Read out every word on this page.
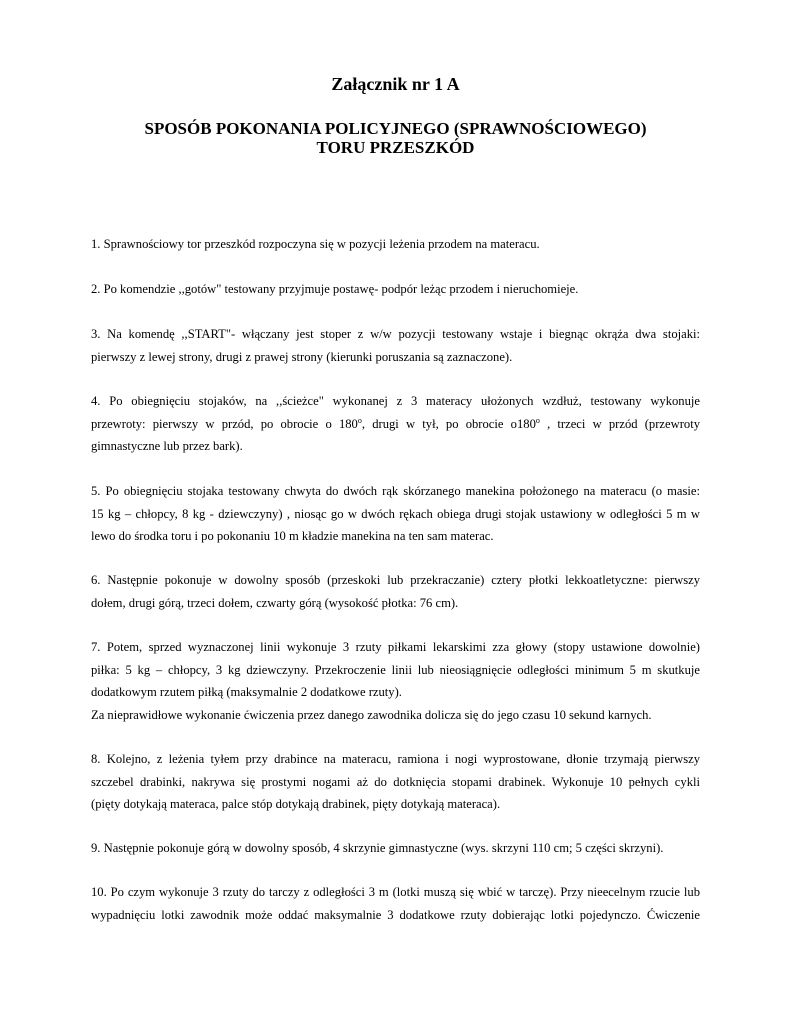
Załącznik nr 1 A
SPOSÓB POKONANIA POLICYJNEGO (SPRAWNOŚCIOWEGO)
TORU PRZESZKÓD
1. Sprawnościowy tor przeszkód rozpoczyna się w pozycji leżenia przodem na materacu.
2. Po komendzie ,,gotów" testowany przyjmuje postawę- podpór leżąc przodem i nieruchomieje.
3. Na komendę ,,START"- włączany jest stoper z w/w pozycji testowany wstaje i biegnąc okrąża dwa stojaki:
pierwszy z lewej strony, drugi z prawej strony (kierunki poruszania są zaznaczone).
4. Po obiegnięciu stojaków, na ,,ścieżce" wykonanej z 3 materacy ułożonych wzdłuż, testowany wykonuje
przewroty: pierwszy w przód, po obrocie o 180$^o$, drugi w tył, po obrocie o180$^o$ , trzeci w przód (przewroty
gimnastyczne lub przez bark).
5. Po obiegnięciu stojaka testowany chwyta do dwóch rąk skórzanego manekina położonego na materacu (o masie:
15 kg – chłopcy, 8 kg - dziewczyny) , niosąc go w dwóch rękach obiega drugi stojak ustawiony w odległości 5 m w
lewo do środka toru i po pokonaniu 10 m kładzie manekina na ten sam materac.
6. Następnie pokonuje w dowolny sposób (przeskoki lub przekraczanie) cztery płotki lekkoatletyczne: pierwszy
dołem, drugi górą, trzeci dołem, czwarty górą (wysokość płotka: 76 cm).
7. Potem, sprzed wyznaczonej linii wykonuje 3 rzuty piłkami lekarskimi zza głowy (stopy ustawione dowolnie)
piłka: 5 kg – chłopcy, 3 kg dziewczyny. Przekroczenie linii lub nieosiągnięcie odległości minimum 5 m skutkuje
dodatkowym rzutem piłką (maksymalnie 2 dodatkowe rzuty).
Za nieprawidłowe wykonanie ćwiczenia przez danego zawodnika dolicza się do jego czasu 10 sekund karnych.
8. Kolejno, z leżenia tyłem przy drabince na materacu, ramiona i nogi wyprostowane, dłonie trzymają pierwszy
szczebel drabinki, nakrywa się prostymi nogami aż do dotknięcia stopami drabinek. Wykonuje 10 pełnych cykli
(pięty dotykają materaca, palce stóp dotykają drabinek, pięty dotykają materaca).
9. Następnie pokonuje górą w dowolny sposób, 4 skrzynie gimnastyczne (wys. skrzyni 110 cm; 5 części skrzyni).
10. Po czym wykonuje 3 rzuty do tarczy z odległości 3 m (lotki muszą się wbić w tarczę). Przy nieecelnym rzucie lub
wypadnięciu lotki zawodnik może oddać maksymalnie 3 dodatkowe rzuty dobierając lotki pojedynczo. Ćwiczenie
